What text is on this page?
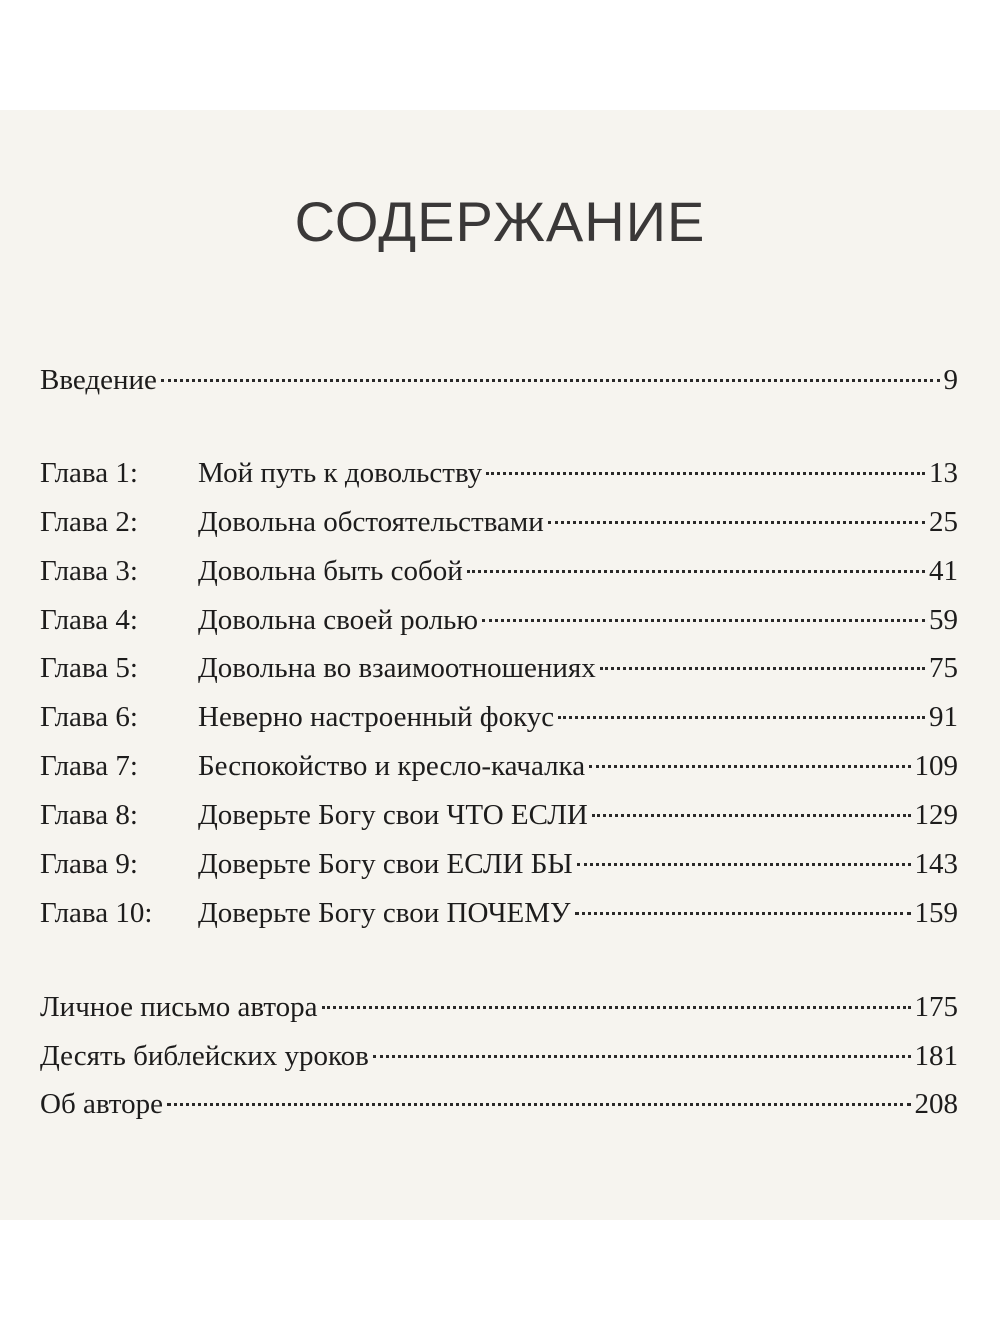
СОДЕРЖАНИЕ
Введение	9
Глава 1:	Мой путь к довольству	13
Глава 2:	Довольна обстоятельствами	25
Глава 3:	Довольна быть собой	41
Глава 4:	Довольна своей ролью	59
Глава 5:	Довольна во взаимоотношениях	75
Глава 6:	Неверно настроенный фокус	91
Глава 7:	Беспокойство и кресло-качалка	109
Глава 8:	Доверьте Богу свои ЧТО ЕСЛИ	129
Глава 9:	Доверьте Богу свои ЕСЛИ БЫ	143
Глава 10:	Доверьте Богу свои ПОЧЕМУ	159
Личное письмо автора	175
Десять библейских уроков	181
Об авторе	208
